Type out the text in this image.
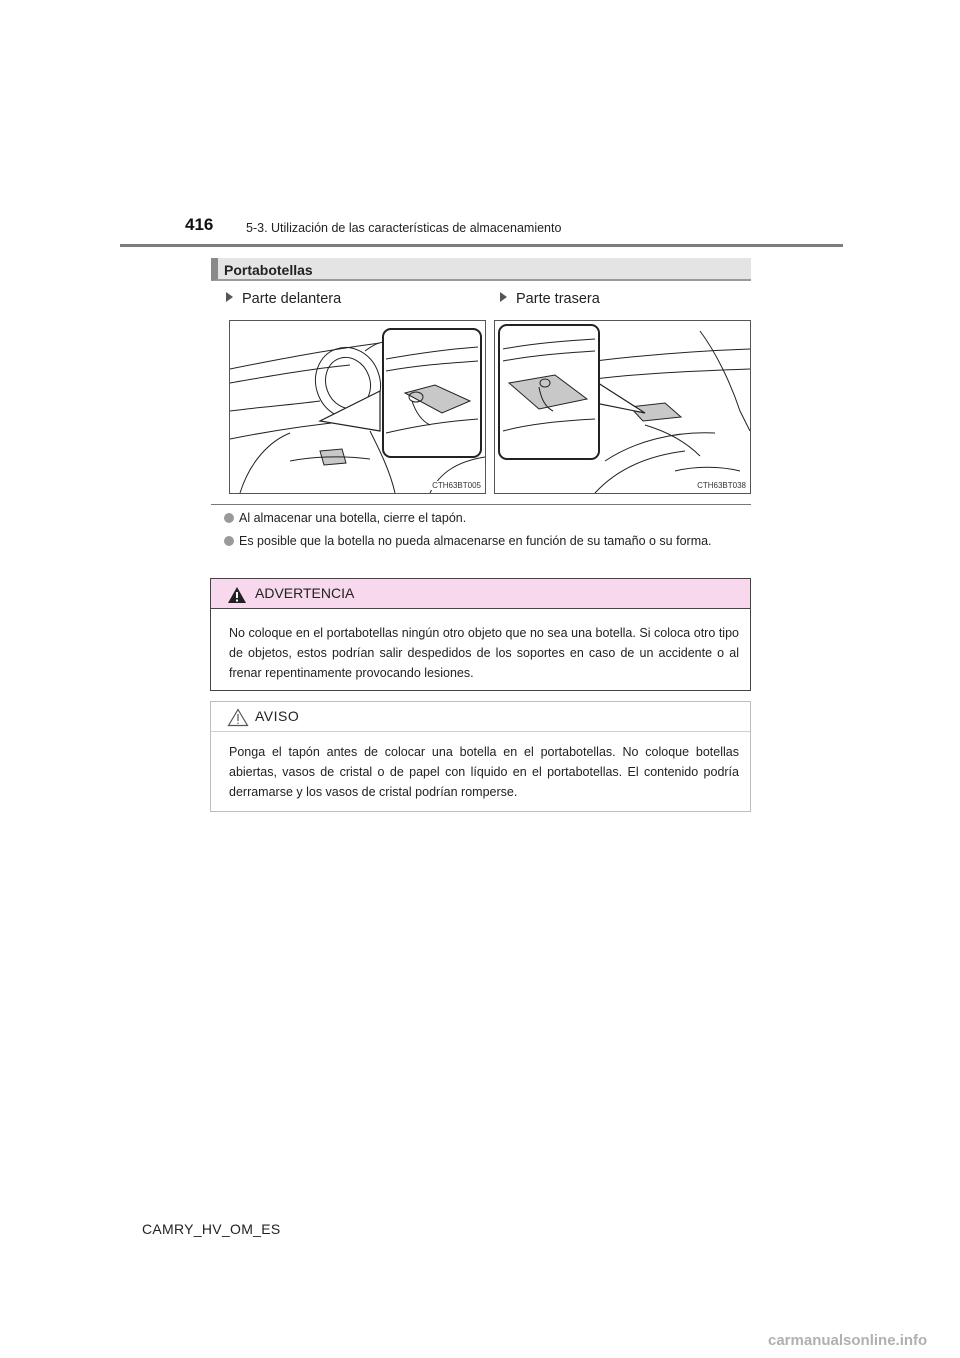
416	5-3. Utilización de las características de almacenamiento
Portabotellas
Parte delantera	Parte trasera
CTH63BT005	CTH63BT038
Al almacenar una botella, cierre el tapón.
Es posible que la botella no pueda almacenarse en función de su tamaño o su forma.
ADVERTENCIA
No coloque en el portabotellas ningún otro objeto que no sea una botella. Si coloca otro tipo de objetos, estos podrían salir despedidos de los soportes en caso de un accidente o al frenar repentinamente provocando lesiones.
AVISO
Ponga el tapón antes de colocar una botella en el portabotellas. No coloque botellas abiertas, vasos de cristal o de papel con líquido en el portabotellas. El contenido podría derramarse y los vasos de cristal podrían romperse.
CAMRY_HV_OM_ES
carmanualsonline.info
